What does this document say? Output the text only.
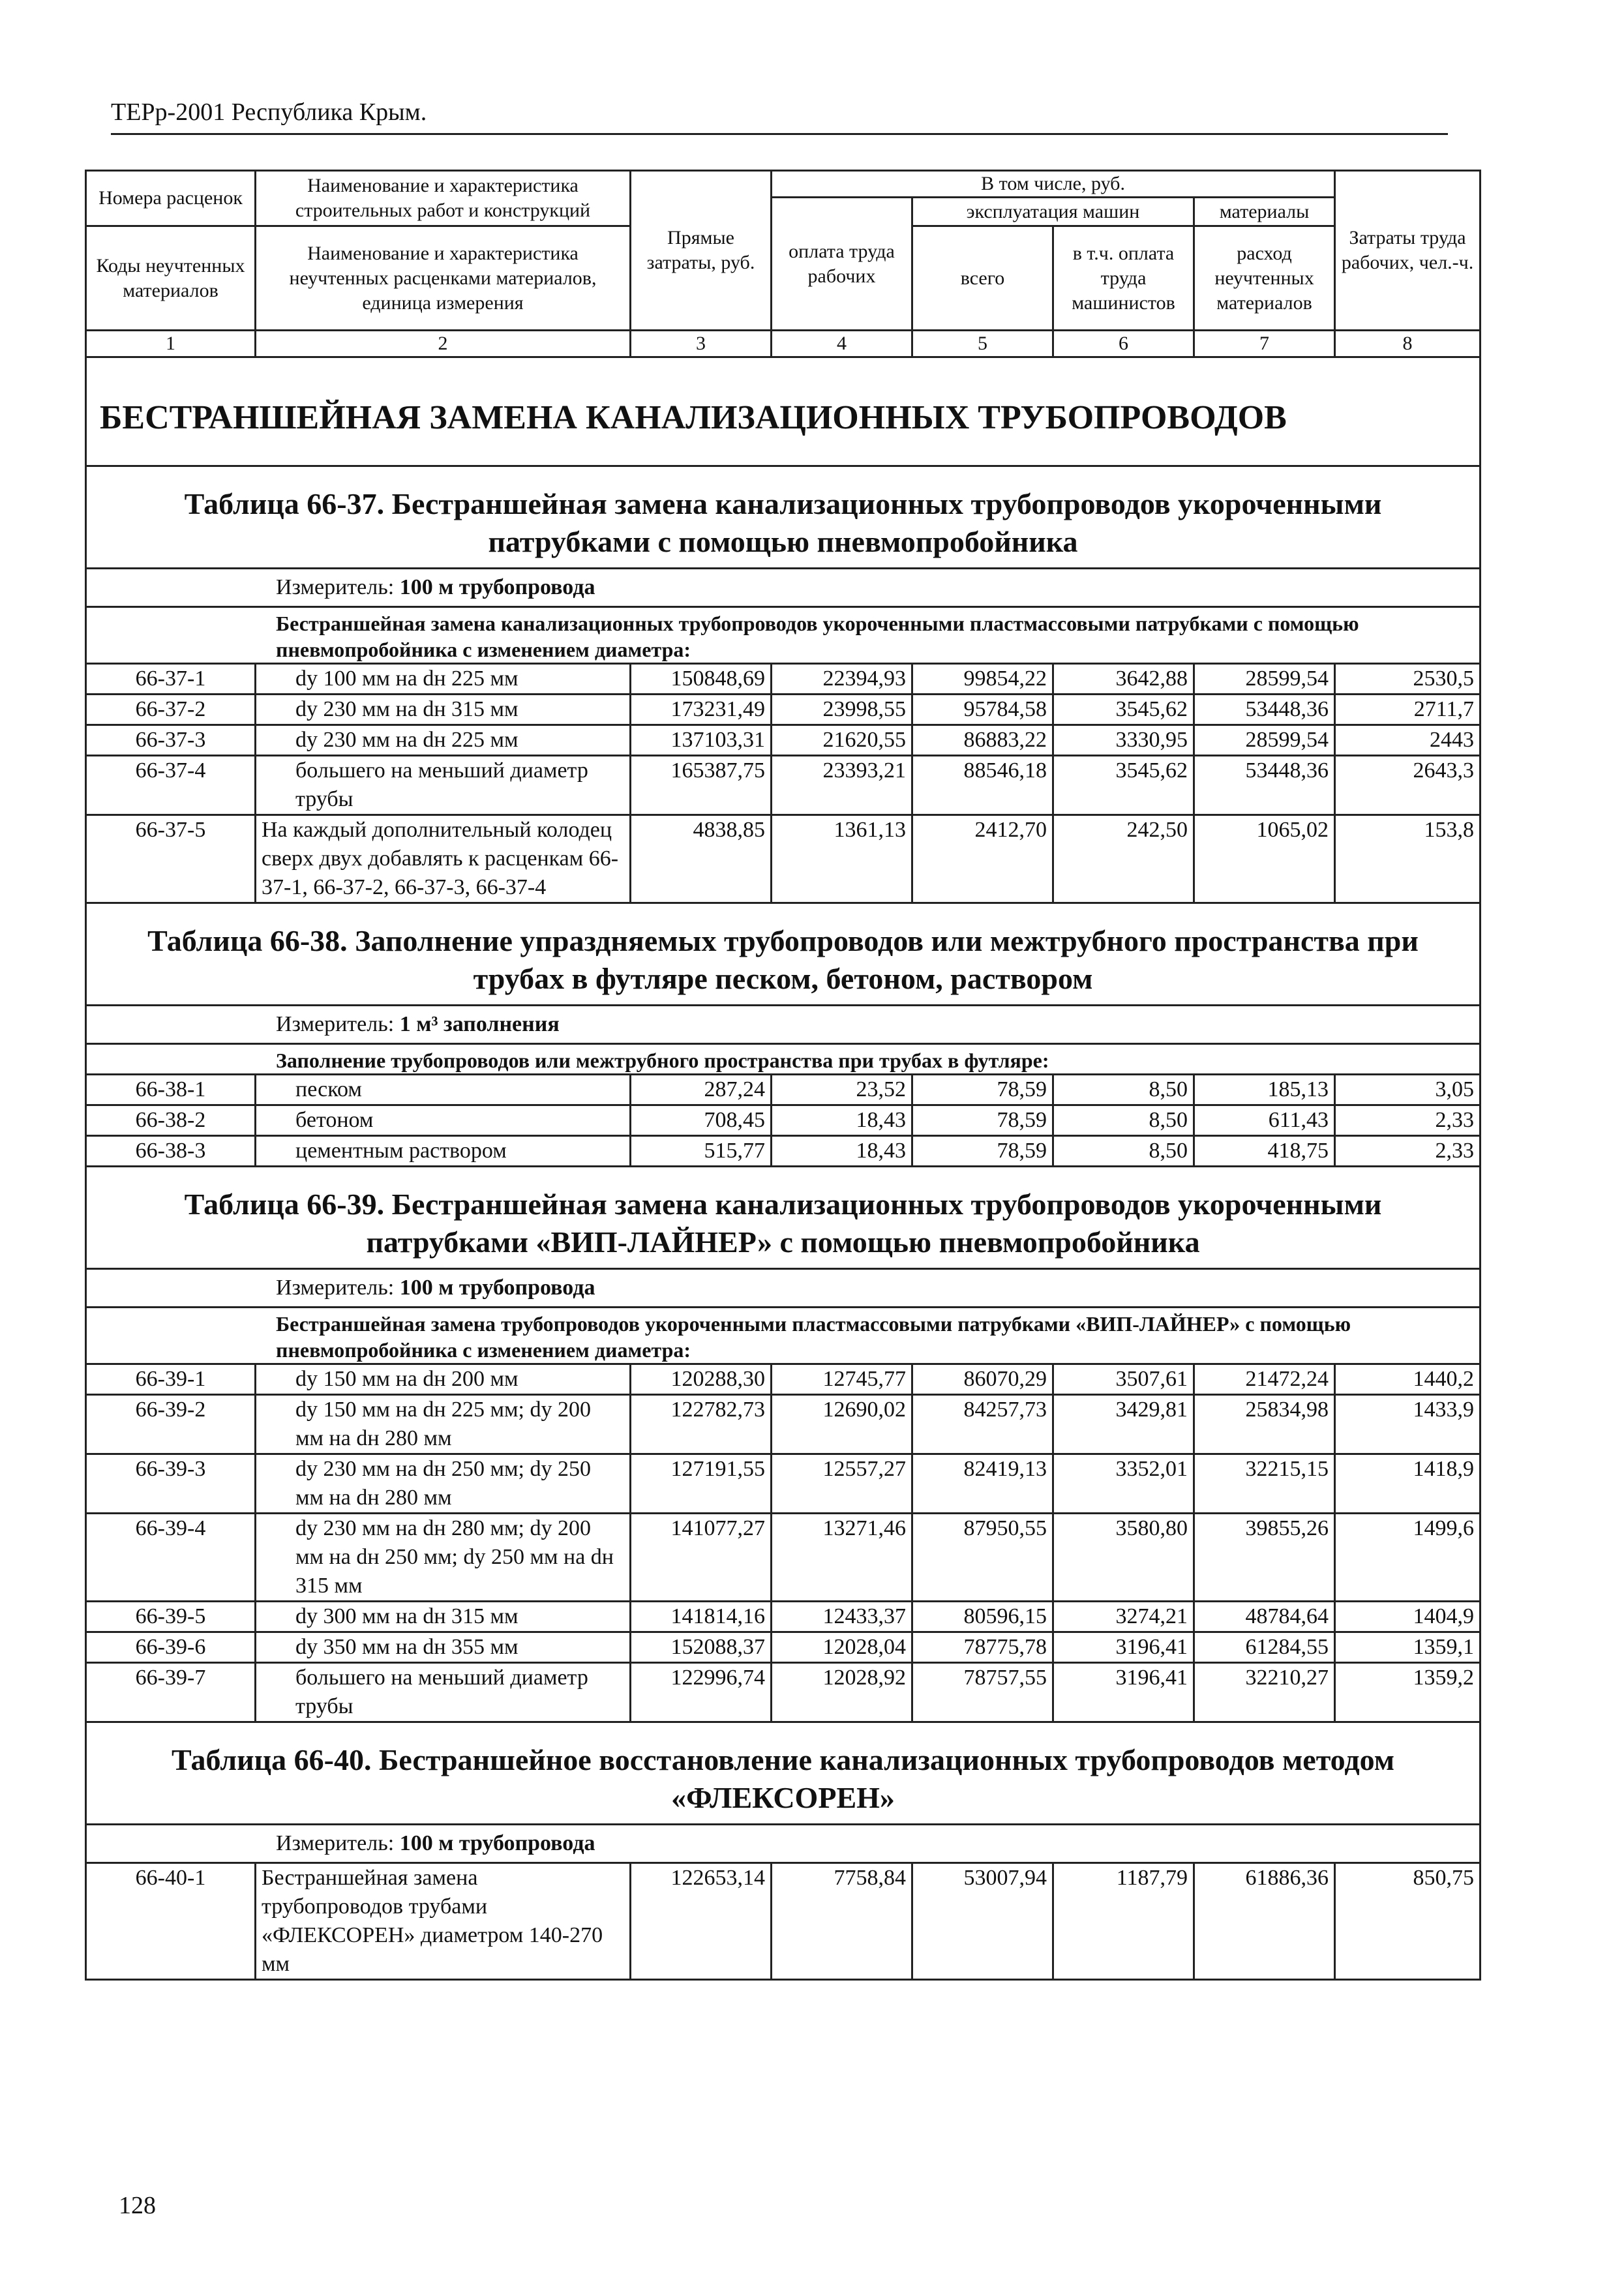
ТЕРр-2001 Республика Крым.
Номера расценок	Наименование и характеристика строительных работ и конструкций	Прямые затраты, руб.	В том числе, руб.				Затраты труда рабочих, чел.-ч.
			оплата труда рабочих	эксплуатация машин		материалы	
Коды неучтенных материалов	Наименование и характеристика неучтенных расценками материалов, единица измерения			всего	в т.ч. оплата труда машинистов	расход неучтенных материалов	

1	2	3	4	5	6	7	8
БЕСТРАНШЕЙНАЯ ЗАМЕНА КАНАЛИЗАЦИОННЫХ ТРУБОПРОВОДОВ							
Таблица 66-37. Бестраншейная замена канализационных трубопроводов укороченными патрубками с помощью пневмопробойника							
Измеритель: 100 м трубопровода							
Бестраншейная замена канализационных трубопроводов укороченными пластмассовыми патрубками с помощью пневмопробойника с изменением диаметра:							
66-37-1	dy 100 мм на dн 225 мм	150848,69	22394,93	99854,22	3642,88	28599,54	2530,5
66-37-2	dy 230 мм на dн 315 мм	173231,49	23998,55	95784,58	3545,62	53448,36	2711,7
66-37-3	dy 230 мм на dн 225 мм	137103,31	21620,55	86883,22	3330,95	28599,54	2443
66-37-4	большего на меньший диаметр трубы	165387,75	23393,21	88546,18	3545,62	53448,36	2643,3
66-37-5	На каждый дополнительный колодец сверх двух добавлять к расценкам 66-37-1, 66-37-2, 66-37-3, 66-37-4	4838,85	1361,13	2412,70	242,50	1065,02	153,8
Таблица 66-38. Заполнение упраздняемых трубопроводов или межтрубного пространства при трубах в футляре песком, бетоном, раствором							
Измеритель: 1 м³ заполнения							
Заполнение трубопроводов или межтрубного пространства при трубах в футляре:							
66-38-1	песком	287,24	23,52	78,59	8,50	185,13	3,05
66-38-2	бетоном	708,45	18,43	78,59	8,50	611,43	2,33
66-38-3	цементным раствором	515,77	18,43	78,59	8,50	418,75	2,33
Таблица 66-39. Бестраншейная замена канализационных трубопроводов укороченными патрубками «ВИП-ЛАЙНЕР» с помощью пневмопробойника							
Измеритель: 100 м трубопровода							
Бестраншейная замена трубопроводов укороченными пластмассовыми патрубками «ВИП-ЛАЙНЕР» с помощью пневмопробойника с изменением диаметра:							
66-39-1	dy 150 мм на dн 200 мм	120288,30	12745,77	86070,29	3507,61	21472,24	1440,2
66-39-2	dy 150 мм на dн 225 мм; dy 200 мм на dн 280 мм	122782,73	12690,02	84257,73	3429,81	25834,98	1433,9
66-39-3	dy 230 мм на dн 250 мм; dy 250 мм на dн 280 мм	127191,55	12557,27	82419,13	3352,01	32215,15	1418,9
66-39-4	dy 230 мм на dн 280 мм; dy 200 мм на dн 250 мм; dy 250 мм на dн 315 мм	141077,27	13271,46	87950,55	3580,80	39855,26	1499,6
66-39-5	dy 300 мм на dн 315 мм	141814,16	12433,37	80596,15	3274,21	48784,64	1404,9
66-39-6	dy 350 мм на dн 355 мм	152088,37	12028,04	78775,78	3196,41	61284,55	1359,1
66-39-7	большего на меньший диаметр трубы	122996,74	12028,92	78757,55	3196,41	32210,27	1359,2
Таблица 66-40. Бестраншейное восстановление канализационных трубопроводов методом «ФЛЕКСОРЕН»							
Измеритель: 100 м трубопровода							
66-40-1	Бестраншейная замена трубопроводов трубами «ФЛЕКСОРЕН» диаметром 140-270 мм	122653,14	7758,84	53007,94	1187,79	61886,36	850,75
128
